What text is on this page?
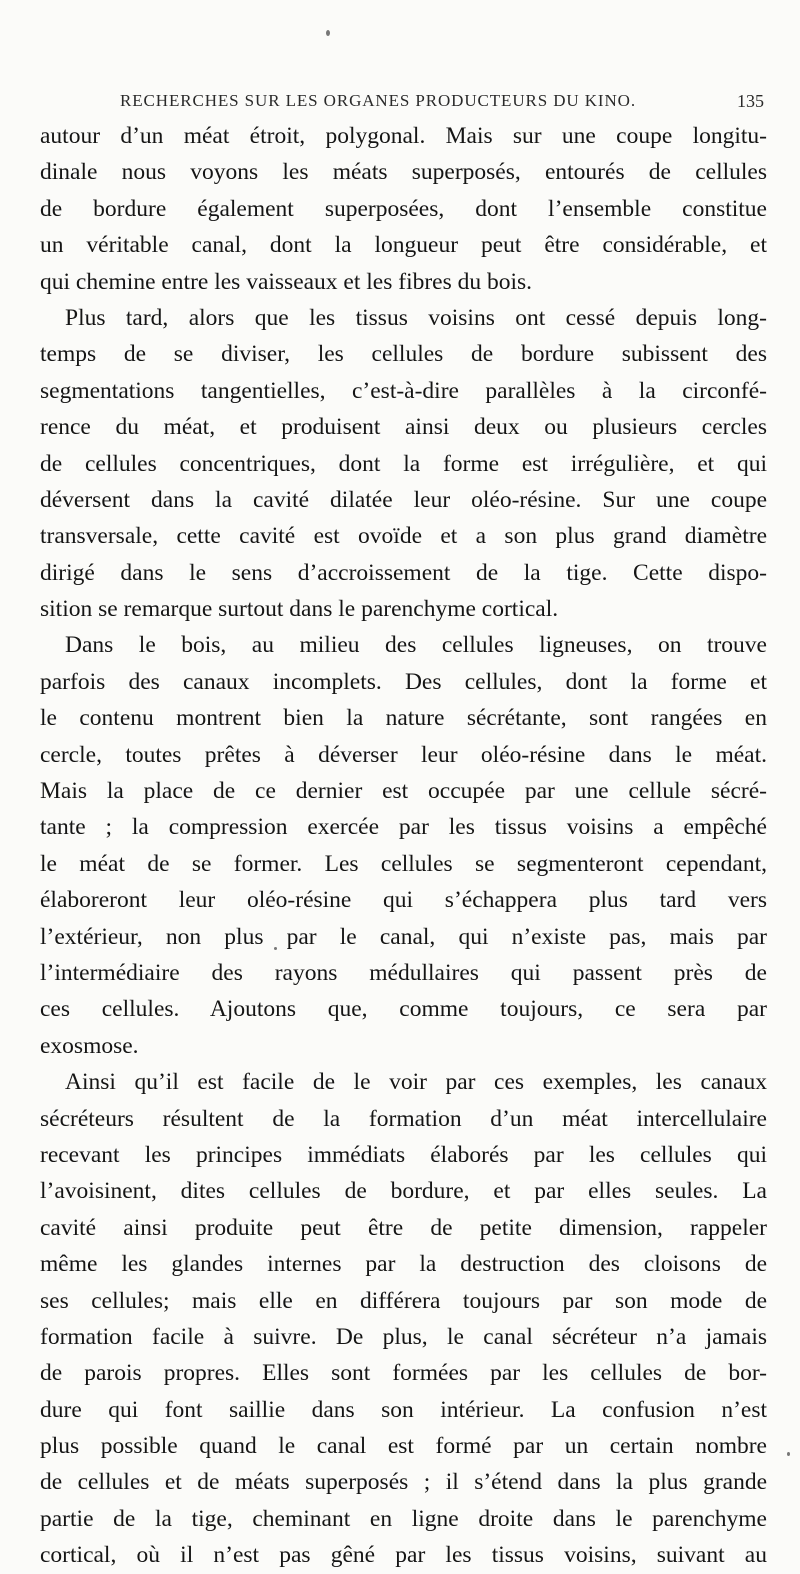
RECHERCHES SUR LES ORGANES PRODUCTEURS DU KINO.	135
autour d’un méat étroit, polygonal. Mais sur une coupe longitu-
dinale nous voyons les méats superposés, entourés de cellules
de bordure également superposées, dont l’ensemble constitue
un véritable canal, dont la longueur peut être considérable, et
qui chemine entre les vaisseaux et les fibres du bois.
Plus tard, alors que les tissus voisins ont cessé depuis long-
temps de se diviser, les cellules de bordure subissent des
segmentations tangentielles, c’est-à-dire parallèles à la circonfé-
rence du méat, et produisent ainsi deux ou plusieurs cercles
de cellules concentriques, dont la forme est irrégulière, et qui
déversent dans la cavité dilatée leur oléo-résine. Sur une coupe
transversale, cette cavité est ovoïde et a son plus grand diamètre
dirigé dans le sens d’accroissement de la tige. Cette dispo-
sition se remarque surtout dans le parenchyme cortical.
Dans le bois, au milieu des cellules ligneuses, on trouve
parfois des canaux incomplets. Des cellules, dont la forme et
le contenu montrent bien la nature sécrétante, sont rangées en
cercle, toutes prêtes à déverser leur oléo-résine dans le méat.
Mais la place de ce dernier est occupée par une cellule sécré-
tante ; la compression exercée par les tissus voisins a empêché
le méat de se former. Les cellules se segmenteront cependant,
élaboreront leur oléo-résine qui s’échappera plus tard vers
l’extérieur, non plus par le canal, qui n’existe pas, mais par
l’intermédiaire des rayons médullaires qui passent près de
ces cellules. Ajoutons que, comme toujours, ce sera par
exosmose.
Ainsi qu’il est facile de le voir par ces exemples, les canaux
sécréteurs résultent de la formation d’un méat intercellulaire
recevant les principes immédiats élaborés par les cellules qui
l’avoisinent, dites cellules de bordure, et par elles seules. La
cavité ainsi produite peut être de petite dimension, rappeler
même les glandes internes par la destruction des cloisons de
ses cellules; mais elle en différera toujours par son mode de
formation facile à suivre. De plus, le canal sécréteur n’a jamais
de parois propres. Elles sont formées par les cellules de bor-
dure qui font saillie dans son intérieur. La confusion n’est
plus possible quand le canal est formé par un certain nombre
de cellules et de méats superposés ; il s’étend dans la plus grande
partie de la tige, cheminant en ligne droite dans le parenchyme
cortical, où il n’est pas gêné par les tissus voisins, suivant au
